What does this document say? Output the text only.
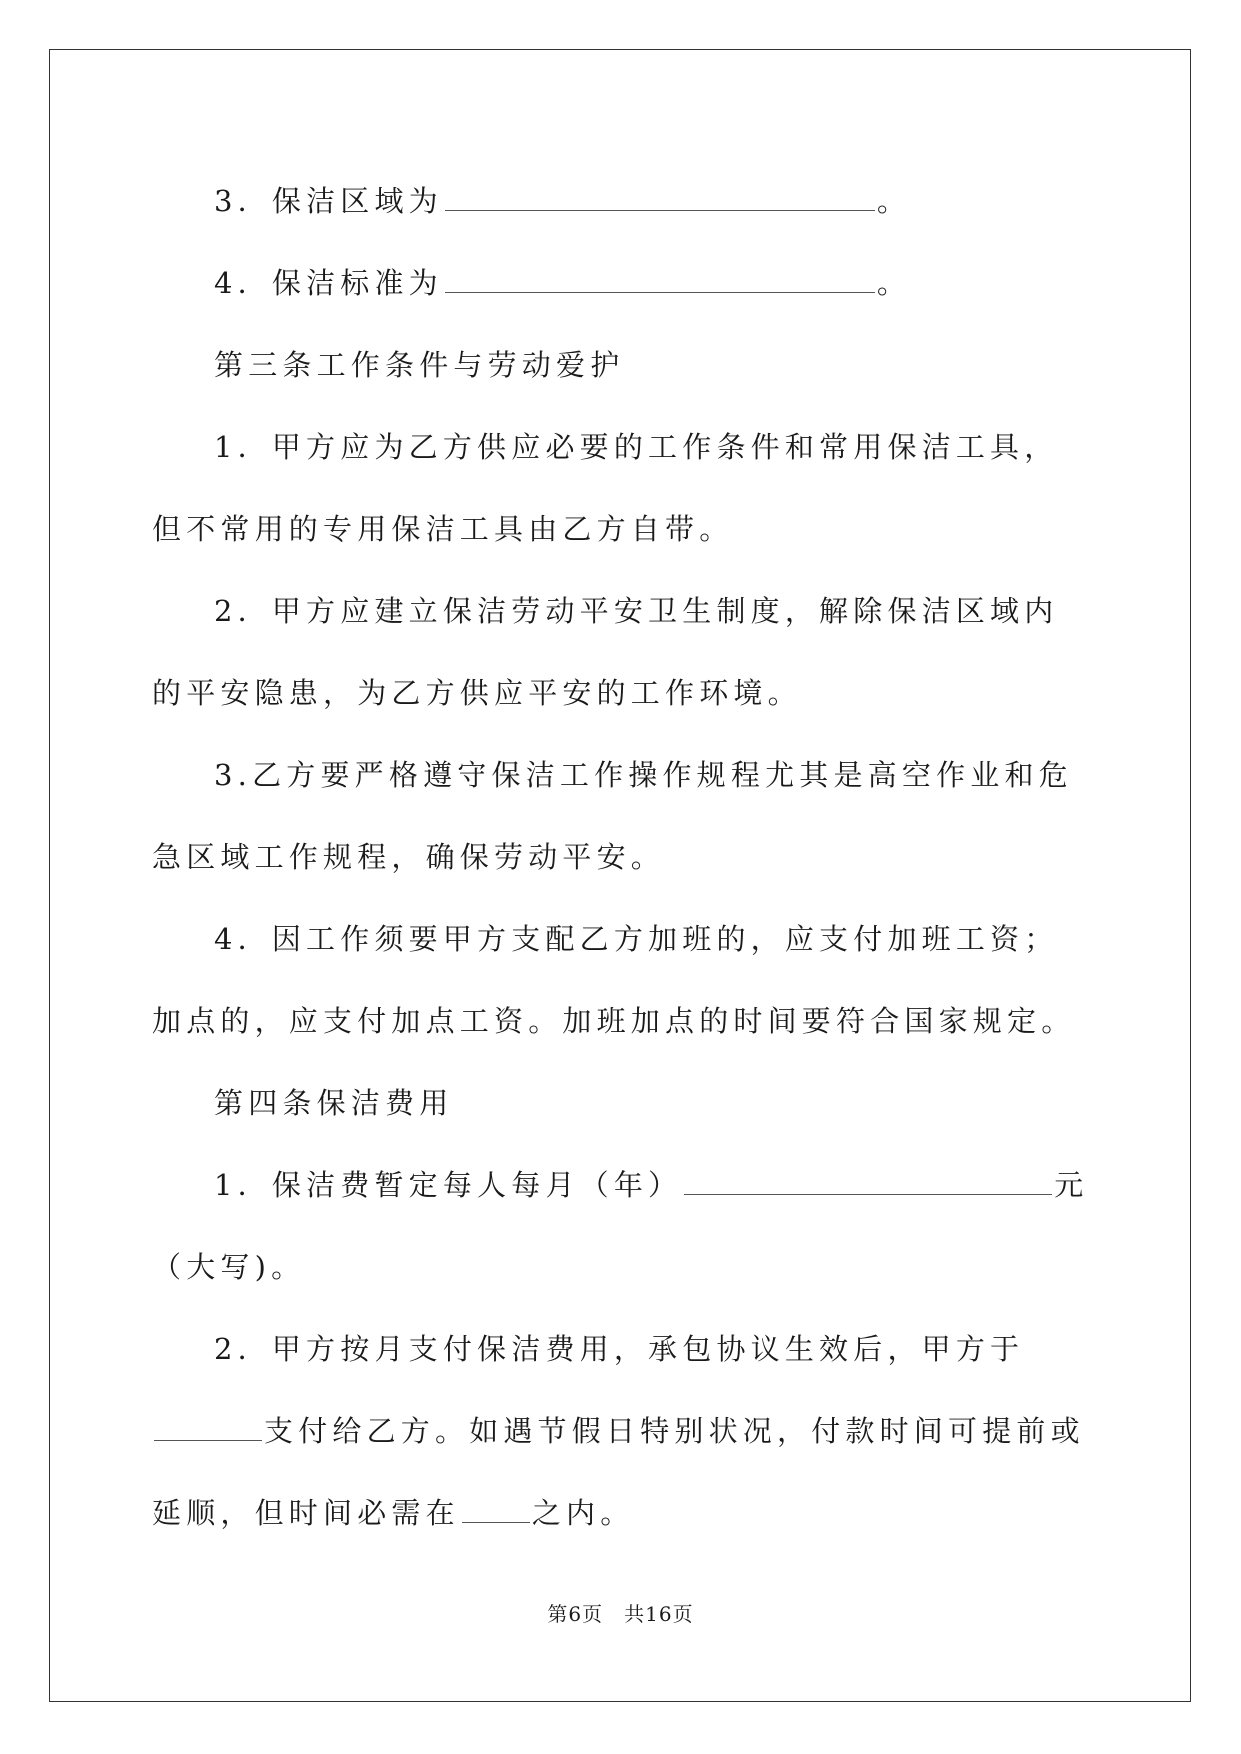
3．保洁区域为	。

4．保洁标准为	。

第三条工作条件与劳动爱护

1．甲方应为乙方供应必要的工作条件和常用保洁工具，但不常用的专用保洁工具由乙方自带。

2．甲方应建立保洁劳动平安卫生制度，解除保洁区域内的平安隐患，为乙方供应平安的工作环境。

3.乙方要严格遵守保洁工作操作规程尤其是高空作业和危急区域工作规程，确保劳动平安。

4．因工作须要甲方支配乙方加班的，应支付加班工资；加点的，应支付加点工资。加班加点的时间要符合国家规定。

第四条保洁费用

1．保洁费暂定每人每月（年）	元（大写)。

2．甲方按月支付保洁费用，承包协议生效后，甲方于支付给乙方。如遇节假日特别状况，付款时间可提前或延顺，但时间必需在 之内。

第6页　共16页
